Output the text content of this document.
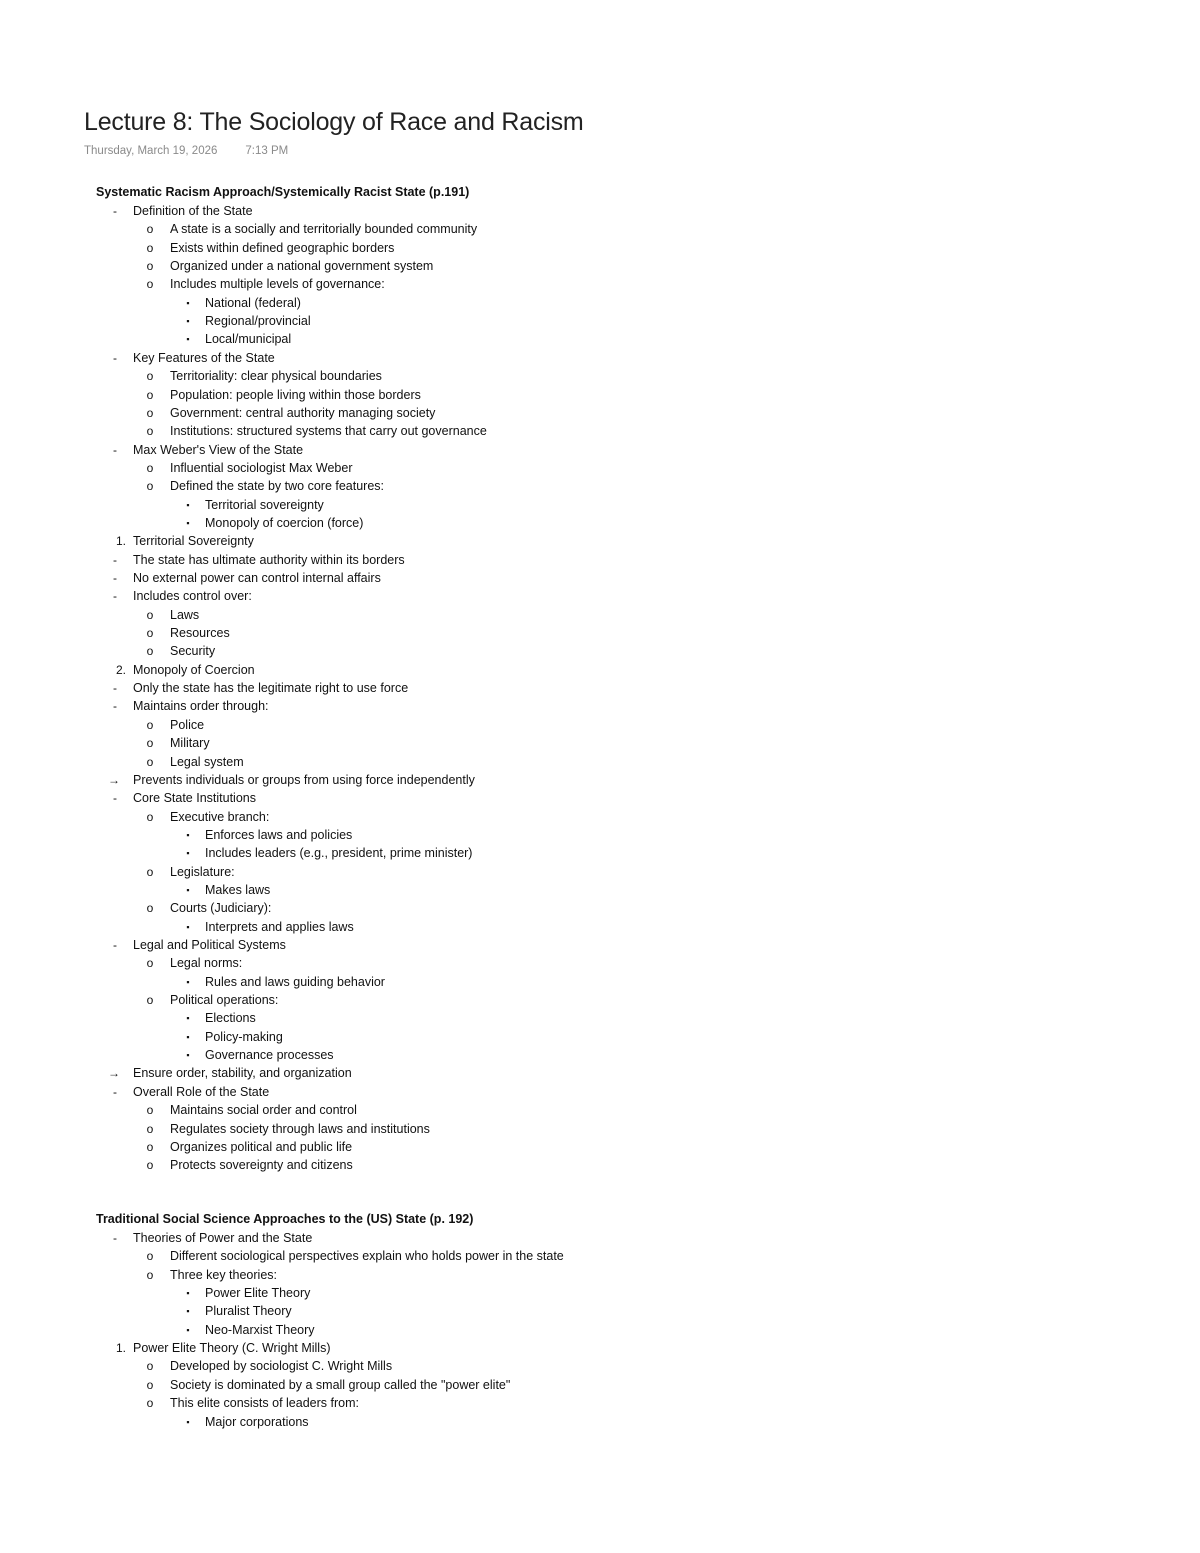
Lecture 8: The Sociology of Race and Racism
Thursday, March 19, 2026 7:13 PM
Systematic Racism Approach/Systemically Racist State (p.191)
-	Definition of the State
o	A state is a socially and territorially bounded community
o	Exists within defined geographic borders
o	Organized under a national government system
o	Includes multiple levels of governance:
▪	National (federal)
▪	Regional/provincial
▪	Local/municipal
-	Key Features of the State
o	Territoriality: clear physical boundaries
o	Population: people living within those borders
o	Government: central authority managing society
o	Institutions: structured systems that carry out governance
-	Max Weber's View of the State
o	Influential sociologist Max Weber
o	Defined the state by two core features:
▪	Territorial sovereignty
▪	Monopoly of coercion (force)
1. Territorial Sovereignty
-	The state has ultimate authority within its borders
-	No external power can control internal affairs
-	Includes control over:
o	Laws
o	Resources
o	Security
2. Monopoly of Coercion
-	Only the state has the legitimate right to use force
-	Maintains order through:
o	Police
o	Military
o	Legal system
→	Prevents individuals or groups from using force independently
-	Core State Institutions
o	Executive branch:
▪	Enforces laws and policies
▪	Includes leaders (e.g., president, prime minister)
o	Legislature:
▪	Makes laws
o	Courts (Judiciary):
▪	Interprets and applies laws
-	Legal and Political Systems
o	Legal norms:
▪	Rules and laws guiding behavior
o	Political operations:
▪	Elections
▪	Policy-making
▪	Governance processes
→	Ensure order, stability, and organization
-	Overall Role of the State
o	Maintains social order and control
o	Regulates society through laws and institutions
o	Organizes political and public life
o	Protects sovereignty and citizens
Traditional Social Science Approaches to the (US) State (p. 192)
-	Theories of Power and the State
o	Different sociological perspectives explain who holds power in the state
o	Three key theories:
▪	Power Elite Theory
▪	Pluralist Theory
▪	Neo-Marxist Theory
1. Power Elite Theory (C. Wright Mills)
o	Developed by sociologist C. Wright Mills
o	Society is dominated by a small group called the "power elite"
o	This elite consists of leaders from:
▪	Major corporations
